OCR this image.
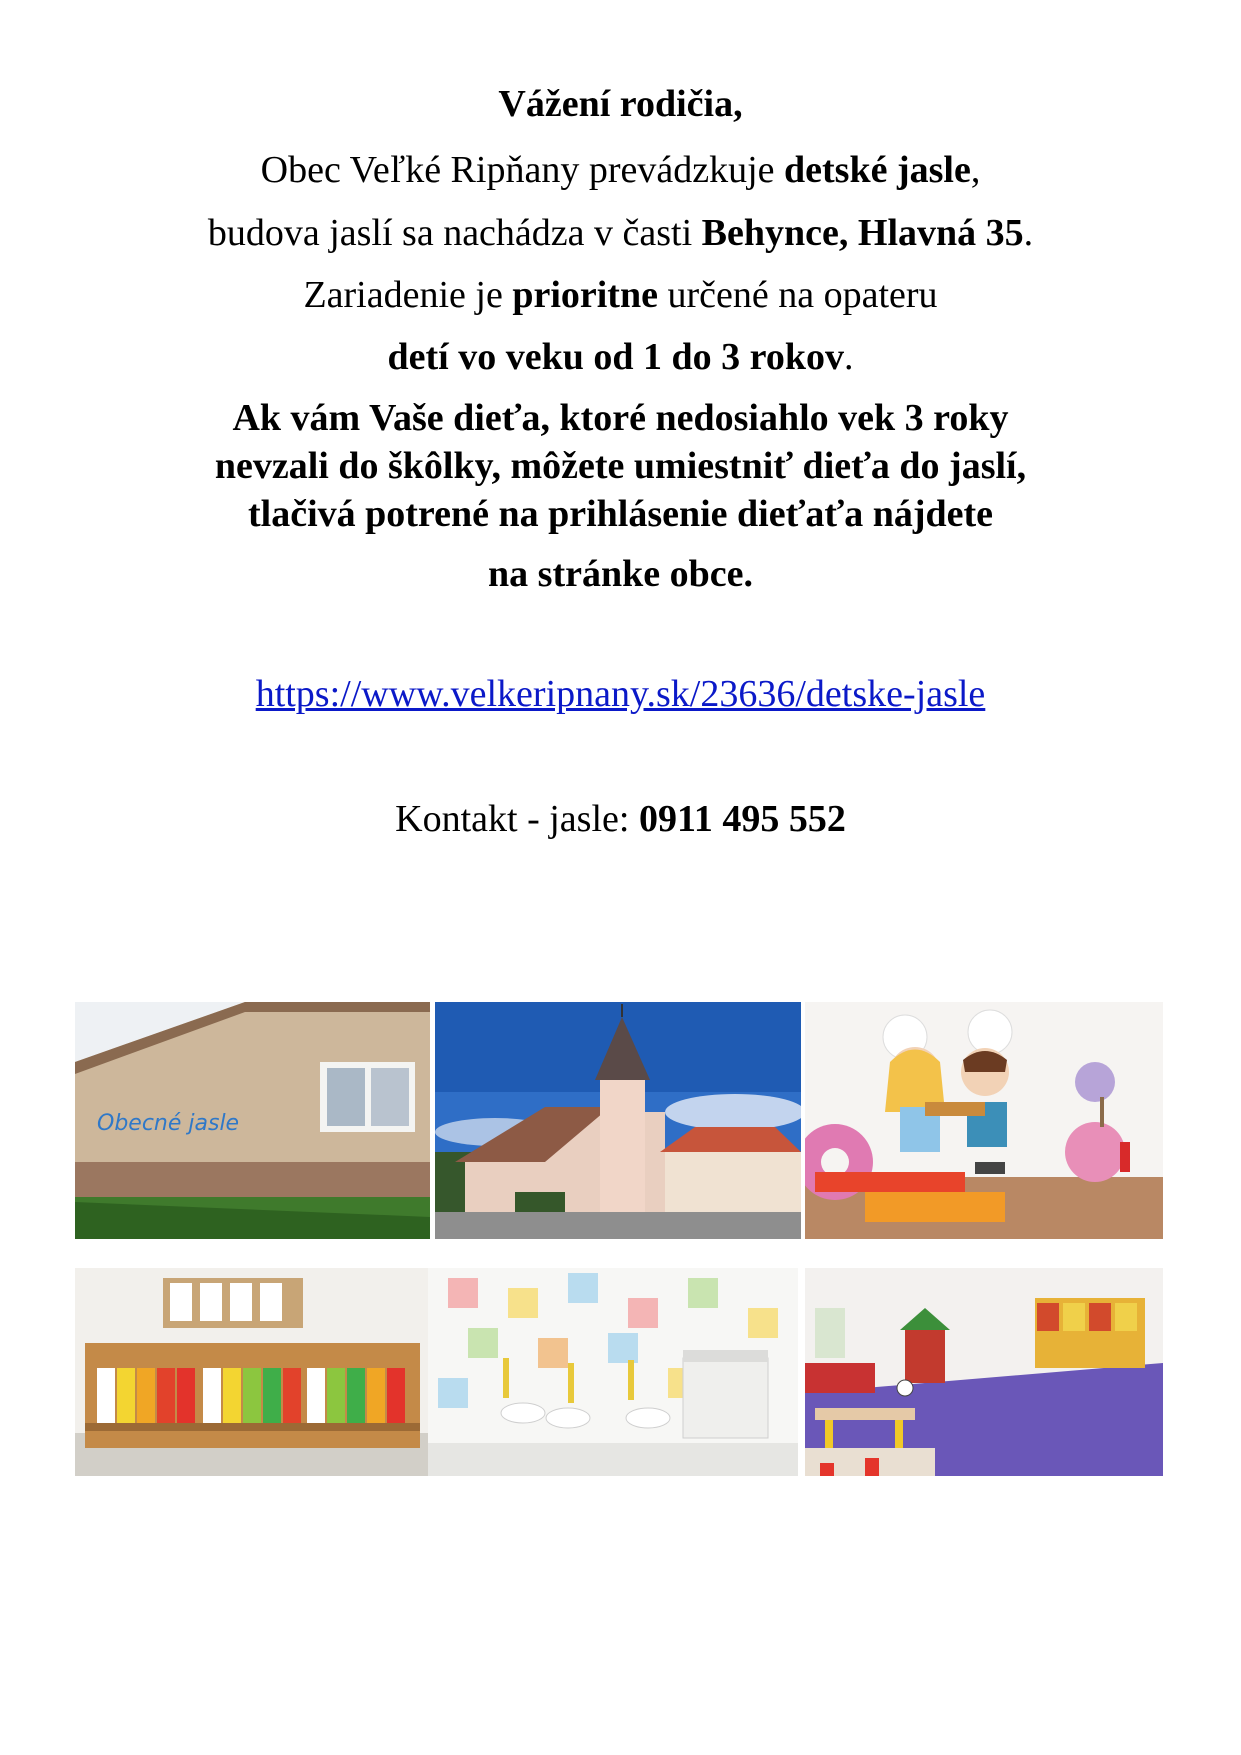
Vážení rodičia,
Obec Veľké Ripňany prevádzkuje detské jasle,
budova jaslí sa nachádza v časti Behynce, Hlavná 35.
Zariadenie je prioritne určené na opateru
detí vo veku od 1 do 3 rokov.
Ak vám Vaše dieťa, ktoré nedosiahlo vek 3 roky
nevzali do škôlky, môžete umiestniť dieťa do jaslí,
tlačivá potrené na prihlásenie dieťaťa nájdete
na stránke obce.
https://www.velkeripnany.sk/23636/detske-jasle
Kontakt - jasle: 0911 495 552
Obecné jasle
